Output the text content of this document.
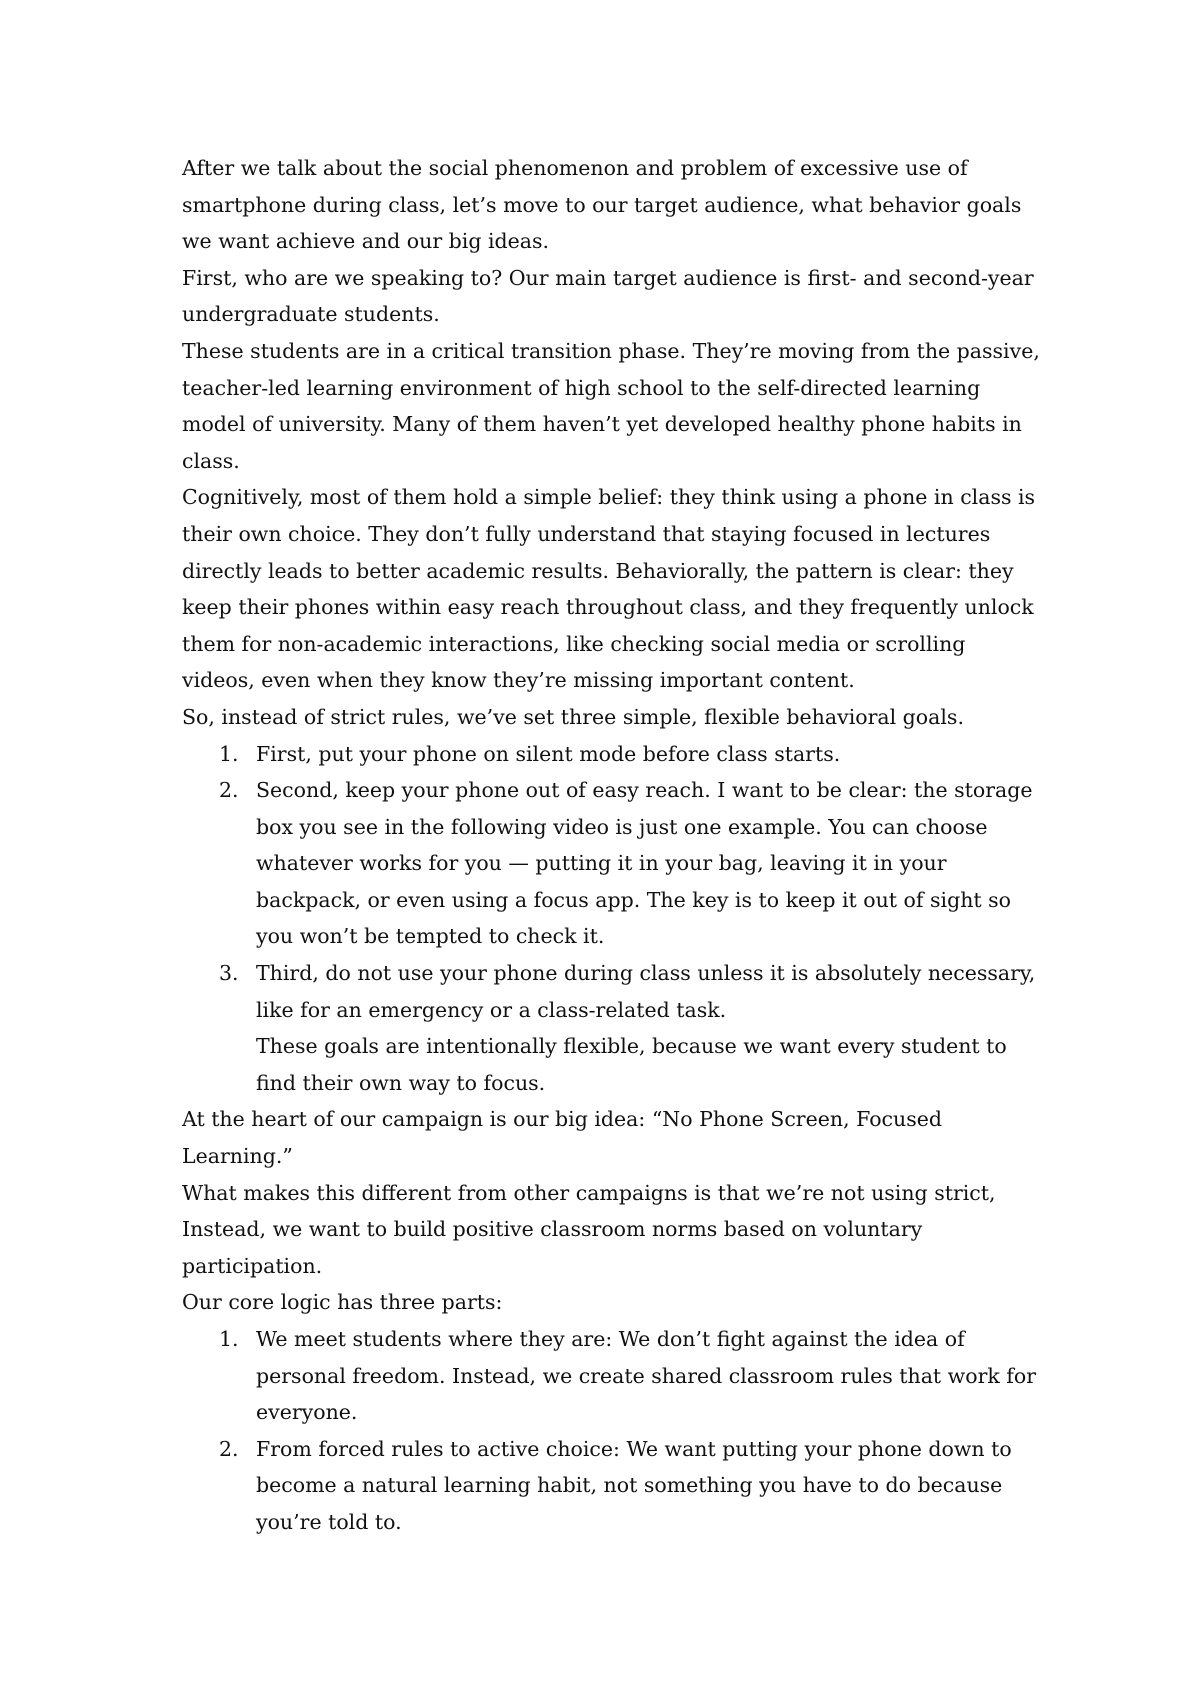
After we talk about the social phenomenon and problem of excessive use of smartphone during class, let’s move to our target audience, what behavior goals we want achieve and our big ideas.

First, who are we speaking to? Our main target audience is first- and second-year undergraduate students.

These students are in a critical transition phase. They’re moving from the passive, teacher-led learning environment of high school to the self-directed learning model of university. Many of them haven’t yet developed healthy phone habits in class.

Cognitively, most of them hold a simple belief: they think using a phone in class is their own choice. They don’t fully understand that staying focused in lectures directly leads to better academic results. Behaviorally, the pattern is clear: they keep their phones within easy reach throughout class, and they frequently unlock them for non-academic interactions, like checking social media or scrolling videos, even when they know they’re missing important content.

So, instead of strict rules, we’ve set three simple, flexible behavioral goals.

1. First, put your phone on silent mode before class starts.
2. Second, keep your phone out of easy reach. I want to be clear: the storage box you see in the following video is just one example. You can choose whatever works for you — putting it in your bag, leaving it in your backpack, or even using a focus app. The key is to keep it out of sight so you won’t be tempted to check it.
3. Third, do not use your phone during class unless it is absolutely necessary, like for an emergency or a class-related task.
These goals are intentionally flexible, because we want every student to find their own way to focus.

At the heart of our campaign is our big idea: “No Phone Screen, Focused Learning.”

What makes this different from other campaigns is that we’re not using strict, Instead, we want to build positive classroom norms based on voluntary participation.

Our core logic has three parts:

1. We meet students where they are: We don’t fight against the idea of personal freedom. Instead, we create shared classroom rules that work for everyone.
2. From forced rules to active choice: We want putting your phone down to become a natural learning habit, not something you have to do because you’re told to.
